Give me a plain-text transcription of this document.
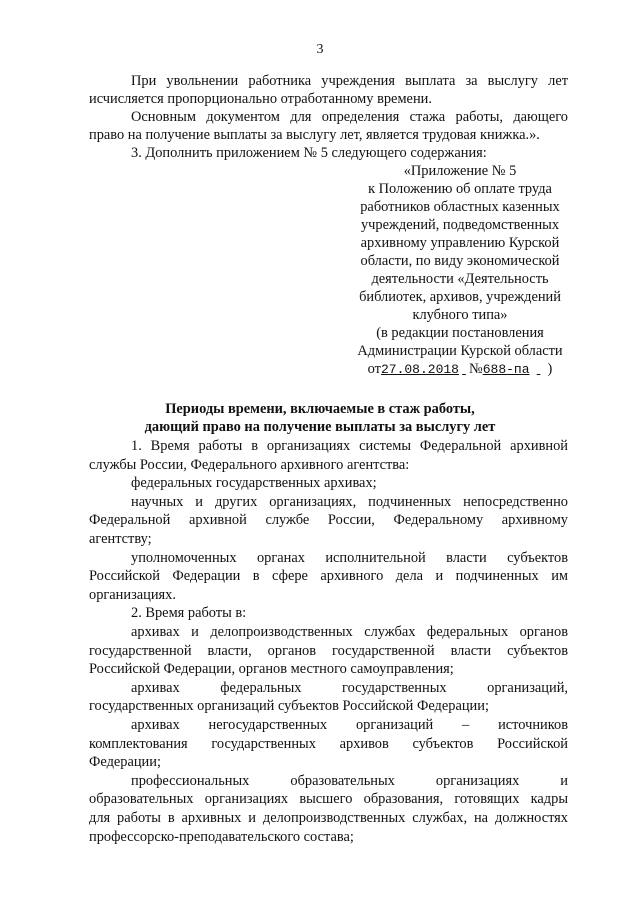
3
При увольнении работника учреждения выплата за выслугу лет
исчисляется пропорционально отработанному времени.
Основным документом для определения стажа работы, дающего
право на получение выплаты за выслугу лет, является трудовая книжка.».
3. Дополнить приложением № 5 следующего содержания:
«Приложение № 5
к Положению об оплате труда
работников областных казенных
учреждений, подведомственных
архивному управлению Курской
области, по виду экономической
деятельности «Деятельность
библиотек, архивов, учреждений
клубного типа»
(в редакции постановления
Администрации Курской области
от27.08.2018 №688-па )
Периоды времени, включаемые в стаж работы,
дающий право на получение выплаты за выслугу лет
1. Время работы в организациях системы Федеральной архивной
службы России, Федерального архивного агентства:
федеральных государственных архивах;
научных и других организациях, подчиненных непосредственно
Федеральной архивной службе России, Федеральному архивному
агентству;
уполномоченных органах исполнительной власти субъектов
Российской Федерации в сфере архивного дела и подчиненных им
организациях.
2. Время работы в:
архивах и делопроизводственных службах федеральных органов
государственной власти, органов государственной власти субъектов
Российской Федерации, органов местного самоуправления;
архивах федеральных государственных организаций,
государственных организаций субъектов Российской Федерации;
архивах негосударственных организаций – источников
комплектования государственных архивов субъектов Российской
Федерации;
профессиональных образовательных организациях и
образовательных организациях высшего образования, готовящих кадры
для работы в архивных и делопроизводственных службах, на должностях
профессорско-преподавательского состава;
